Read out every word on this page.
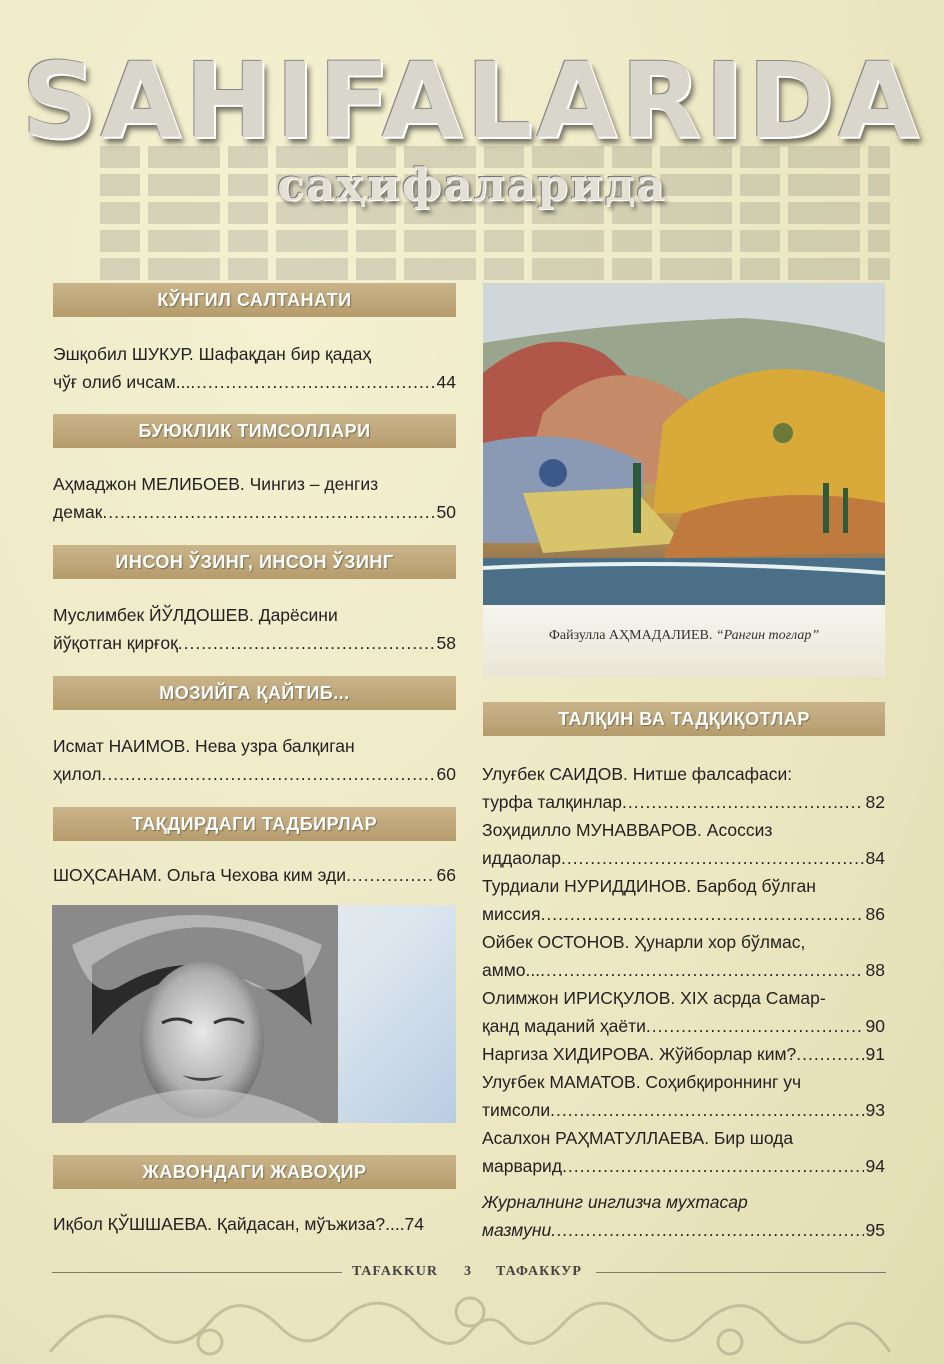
SAHIFALARIDA
саҳифаларида
КЎНГИЛ САЛТАНАТИ
Эшқобил ШУКУР. Шафақдан бир қадаҳ
чўғ олиб ичсам... .....	44
БУЮКЛИК ТИМСОЛЛАРИ
Аҳмаджон МЕЛИБОЕВ. Чингиз – денгиз
демак .....	50
ИНСОН ЎЗИНГ, ИНСОН ЎЗИНГ
Муслимбек ЙЎЛДОШЕВ. Дарёсини
йўқотган қирғоқ .....	58
МОЗИЙГА ҚАЙТИБ...
Исмат НАИМОВ. Нева узра балқиган
ҳилол .....	60
ТАҚДИРДАГИ ТАДБИРЛАР
ШОҲСАНАМ. Ольга Чехова ким эди .....	66
ЖАВОНДАГИ ЖАВОҲИР
Иқбол ҚЎШШАЕВА. Қайдасан, мўъжиза?....74
Файзулла АҲМАДАЛИЕВ. “Рангин тоғлар”
ТАЛҚИН ВА ТАДҚИҚОТЛАР
Улуғбек САИДОВ. Нитше фалсафаси:
турфа талқинлар .....	82
Зоҳидилло МУНАВВАРОВ. Асоссиз
иддаолар .....	84
Турдиали НУРИДДИНОВ. Барбод бўлган
миссия .....	86
Ойбек ОСТОНОВ. Ҳунарли хор бўлмас,
аммо... .....	88
Олимжон ИРИСҚУЛОВ. XIX асрда Самар-
қанд маданий ҳаёти .....	90
Наргиза ХИДИРОВА. Жўйборлар ким? .....	91
Улуғбек МАМАТОВ. Соҳибқироннинг уч
тимсоли .....	93
Асалхон РАҲМАТУЛЛАЕВА. Бир шода
марварид .....	94
Журналнинг инглизча мухтасар
мазмуни .....	95
TAFAKKUR 3 ТАФАККУР
